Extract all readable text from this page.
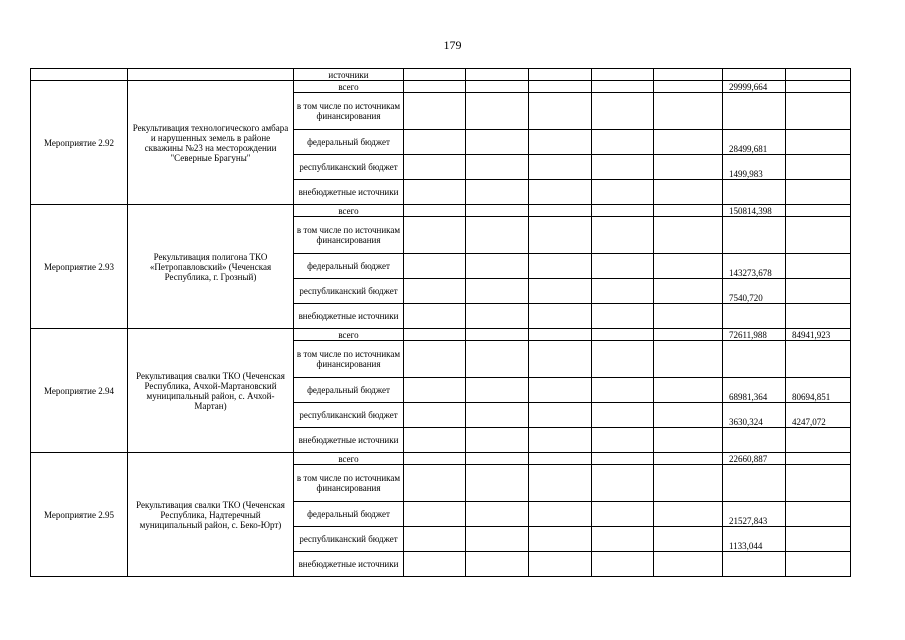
179
		источники							
Мероприятие 2.92	Рекультивация технологического амбара и нарушенных земель в районе скважины №23 на месторождении "Северные Брагуны"	всего						29999,664	
		в том числе по источникам финансирования							
		федеральный бюджет						28499,681	
		республиканский бюджет						1499,983	
		внебюджетные источники							
Мероприятие 2.93	Рекультивация полигона ТКО «Петропавловский» (Чеченская Республика, г. Грозный)	всего						150814,398	
		в том числе по источникам финансирования							
		федеральный бюджет						143273,678	
		республиканский бюджет						7540,720	
		внебюджетные источники							
Мероприятие 2.94	Рекультивация свалки ТКО (Чеченская Республика, Ачхой-Мартановский муниципальный район, с. Ачхой-Мартан)	всего						72611,988	84941,923
		в том числе по источникам финансирования							
		федеральный бюджет						68981,364	80694,851
		республиканский бюджет						3630,324	4247,072
		внебюджетные источники							
Мероприятие 2.95	Рекультивация свалки ТКО (Чеченская Республика, Надтеречный муниципальный район, с. Беко-Юрт)	всего						22660,887	
		в том числе по источникам финансирования							
		федеральный бюджет						21527,843	
		республиканский бюджет						1133,044	
		внебюджетные источники							
